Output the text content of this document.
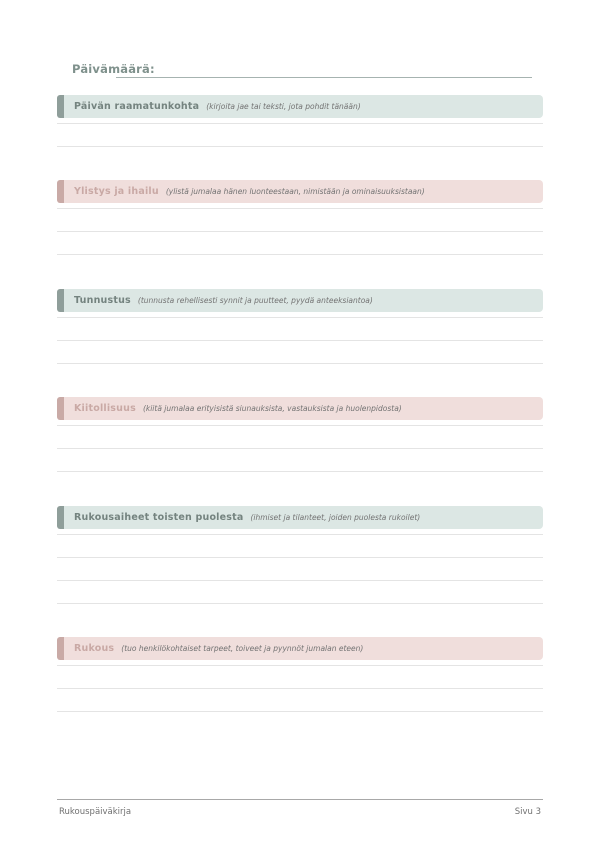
Päivämäärä:
Päivän raamatunkohta (kirjoita jae tai teksti, jota pohdit tänään)
Ylistys ja ihailu (ylistä jumalaa hänen luonteestaan, nimistään ja ominaisuuksistaan)
Tunnustus (tunnusta rehellisesti synnit ja puutteet, pyydä anteeksiantoa)
Kiitollisuus (kiitä jumalaa erityisistä siunauksista, vastauksista ja huolenpidosta)
Rukousaiheet toisten puolesta (ihmiset ja tilanteet, joiden puolesta rukoilet)
Rukous (tuo henkilökohtaiset tarpeet, toiveet ja pyynnöt jumalan eteen)
Rukouspäiväkirja	Sivu 3
